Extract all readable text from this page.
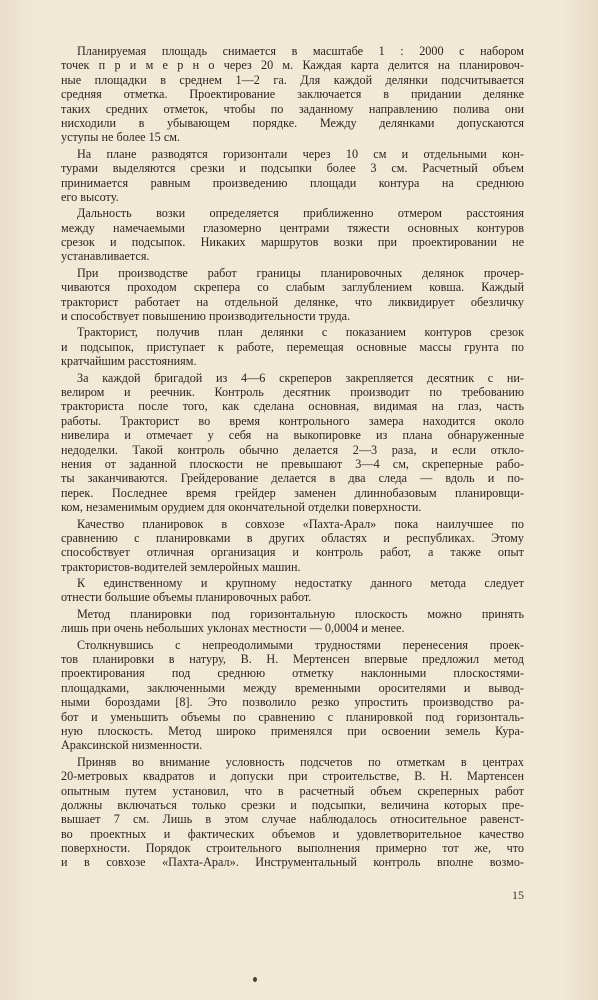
Планируемая площадь снимается в масштабе 1 : 2000 с набором
точек п р и м е р н о через 20 м. Каждая карта делится на планировоч-
ные площадки в среднем 1—2 га. Для каждой делянки подсчитывается
средняя отметка. Проектирование заключается в придании делянке
таких средних отметок, чтобы по заданному направлению полива они
нисходили в убывающем порядке. Между делянками допускаются
уступы не более 15 см.
На плане разводятся горизонтали через 10 см и отдельными кон-
турами выделяются срезки и подсыпки более 3 см. Расчетный объем
принимается равным произведению площади контура на среднюю
его высоту.
Дальность возки определяется приближенно отмером расстояния
между намечаемыми глазомерно центрами тяжести основных контуров
срезок и подсыпок. Никаких маршрутов возки при проектировании не
устанавливается.
При производстве работ границы планировочных делянок прочер-
чиваются проходом скрепера со слабым заглублением ковша. Каждый
тракторист работает на отдельной делянке, что ликвидирует обезличку
и способствует повышению производительности труда.
Тракторист, получив план делянки с показанием контуров срезок
и подсыпок, приступает к работе, перемещая основные массы грунта по
кратчайшим расстояниям.
За каждой бригадой из 4—6 скреперов закрепляется десятник с ни-
велиром и реечник. Контроль десятник производит по требованию
тракториста после того, как сделана основная, видимая на глаз, часть
работы. Тракторист во время контрольного замера находится около
нивелира и отмечает у себя на выкопировке из плана обнаруженные
недоделки. Такой контроль обычно делается 2—3 раза, и если откло-
нения от заданной плоскости не превышают 3—4 см, скреперные рабо-
ты заканчиваются. Грейдерование делается в два следа — вдоль и по-
перек. Последнее время грейдер заменен длиннобазовым планировщи-
ком, незаменимым орудием для окончательной отделки поверхности.
Качество планировок в совхозе «Пахта-Арал» пока наилучшее по
сравнению с планировками в других областях и республиках. Этому
способствует отличная организация и контроль работ, а также опыт
трактористов-водителей землеройных машин.
К единственному и крупному недостатку данного метода следует
отнести большие объемы планировочных работ.
Метод планировки под горизонтальную плоскость можно принять
лишь при очень небольших уклонах местности — 0,0004 и менее.
Столкнувшись с непреодолимыми трудностями перенесения проек-
тов планировки в натуру, В. Н. Мертенсен впервые предложил метод
проектирования под среднюю отметку наклонными плоскостями-
площадками, заключенными между временными оросителями и вывод-
ными бороздами [8]. Это позволило резко упростить производство ра-
бот и уменьшить объемы по сравнению с планировкой под горизонталь-
ную плоскость. Метод широко применялся при освоении земель Кура-
Араксинской низменности.
Приняв во внимание условность подсчетов по отметкам в центрах
20-метровых квадратов и допуски при строительстве, В. Н. Мартенсен
опытным путем установил, что в расчетный объем скреперных работ
должны включаться только срезки и подсыпки, величина которых пре-
вышает 7 см. Лишь в этом случае наблюдалось относительное равенст-
во проектных и фактических объемов и удовлетворительное качество
поверхности. Порядок строительного выполнения примерно тот же, что
и в совхозе «Пахта-Арал». Инструментальный контроль вполне возмо-
15
